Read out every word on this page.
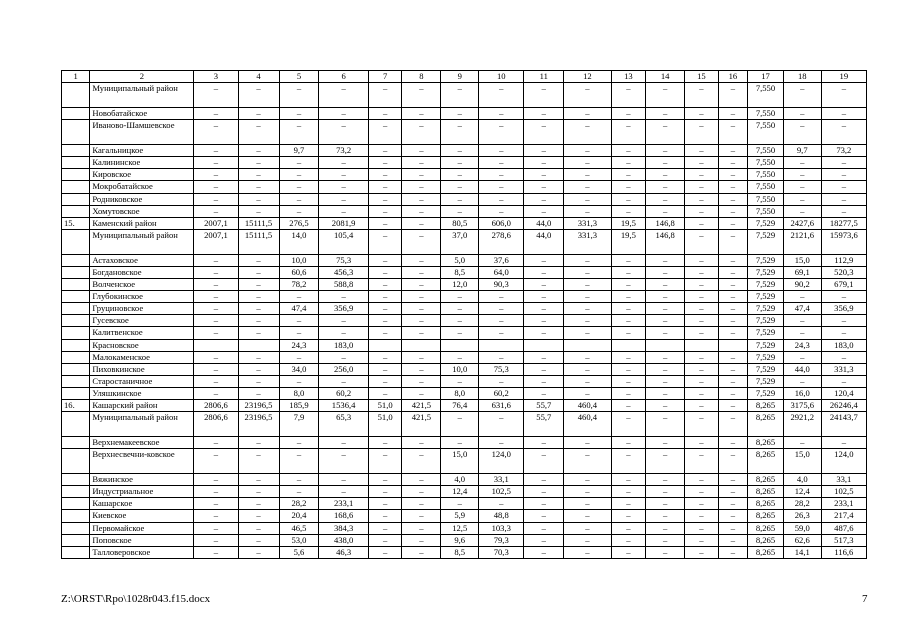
1	2	3	4	5	6	7	8	9	10	11	12	13	14	15	16	17	18	19
	Муниципальный район	–	–	–	–	–	–	–	–	–	–	–	–	–	–	7,550	–	–
	Новобатайское	–	–	–	–	–	–	–	–	–	–	–	–	–	–	7,550	–	–
	Иваново-Шамшевское	–	–	–	–	–	–	–	–	–	–	–	–	–	–	7,550	–	–
	Кагальницкое	–	–	9,7	73,2	–	–	–	–	–	–	–	–	–	–	7,550	9,7	73,2
	Калининское	–	–	–	–	–	–	–	–	–	–	–	–	–	–	7,550	–	–
	Кировское	–	–	–	–	–	–	–	–	–	–	–	–	–	–	7,550	–	–
	Мокробатайское	–	–	–	–	–	–	–	–	–	–	–	–	–	–	7,550	–	–
	Родниковское	–	–	–	–	–	–	–	–	–	–	–	–	–	–	7,550	–	–
	Хомутовское	–	–	–	–	–	–	–	–	–	–	–	–	–	–	7,550	–	–
15.	Каменский район	2007,1	15111,5	276,5	2081,9	–	–	80,5	606,0	44,0	331,3	19,5	146,8	–	–	7,529	2427,6	18277,5
	Муниципальный район	2007,1	15111,5	14,0	105,4	–	–	37,0	278,6	44,0	331,3	19,5	146,8	–	–	7,529	2121,6	15973,6
	Астаховское	–	–	10,0	75,3	–	–	5,0	37,6	–	–	–	–	–	–	7,529	15,0	112,9
	Богдановское	–	–	60,6	456,3	–	–	8,5	64,0	–	–	–	–	–	–	7,529	69,1	520,3
	Волченское	–	–	78,2	588,8	–	–	12,0	90,3	–	–	–	–	–	–	7,529	90,2	679,1
	Глубокинское	–	–	–	–	–	–	–	–	–	–	–	–	–	–	7,529	–	–
	Груциновское	–	–	47,4	356,9	–	–	–	–	–	–	–	–	–	–	7,529	47,4	356,9
	Гусевское	–	–	–	–	–	–	–	–	–	–	–	–	–	–	7,529	–	–
	Калитвенское	–	–	–	–	–	–	–	–	–	–	–	–	–	–	7,529	–	–
	Красновское			24,3	183,0											7,529	24,3	183,0
	Малокаменское	–	–	–	–	–	–	–	–	–	–	–	–	–	–	7,529	–	–
	Пиховкинское	–	–	34,0	256,0	–	–	10,0	75,3	–	–	–	–	–	–	7,529	44,0	331,3
	Старостаничное	–	–	–	–	–	–	–	–	–	–	–	–	–	–	7,529	–	–
	Уляшкинское	–	–	8,0	60,2	–	–	8,0	60,2	–	–	–	–	–	–	7,529	16,0	120,4
16.	Кашарский район	2806,6	23196,5	185,9	1536,4	51,0	421,5	76,4	631,6	55,7	460,4	–	–	–	–	8,265	3175,6	26246,4
	Муниципальный район	2806,6	23196,5	7,9	65,3	51,0	421,5	–	–	55,7	460,4	–	–	–	–	8,265	2921,2	24143,7
	Верхнемакеевское	–	–	–	–	–	–	–	–	–	–	–	–	–	–	8,265	–	–
	Верхнесвечни-ковское	–	–	–	–	–	–	15,0	124,0	–	–	–	–	–	–	8,265	15,0	124,0
	Вяжинское	–	–	–	–	–	–	4,0	33,1	–	–	–	–	–	–	8,265	4,0	33,1
	Индустриальное	–	–	–	–	–	–	12,4	102,5	–	–	–	–	–	–	8,265	12,4	102,5
	Кашарское	–	–	28,2	233,1	–	–	–	–	–	–	–	–	–	–	8,265	28,2	233,1
	Киевское	–	–	20,4	168,6	–	–	5,9	48,8	–	–	–	–	–	–	8,265	26,3	217,4
	Первомайское	–	–	46,5	384,3	–	–	12,5	103,3	–	–	–	–	–	–	8,265	59,0	487,6
	Поповское	–	–	53,0	438,0	–	–	9,6	79,3	–	–	–	–	–	–	8,265	62,6	517,3
	Талловеровское	–	–	5,6	46,3	–	–	8,5	70,3	–	–	–	–	–	–	8,265	14,1	116,6
Z:\ORST\Rpo\1028r043.f15.docx	7
